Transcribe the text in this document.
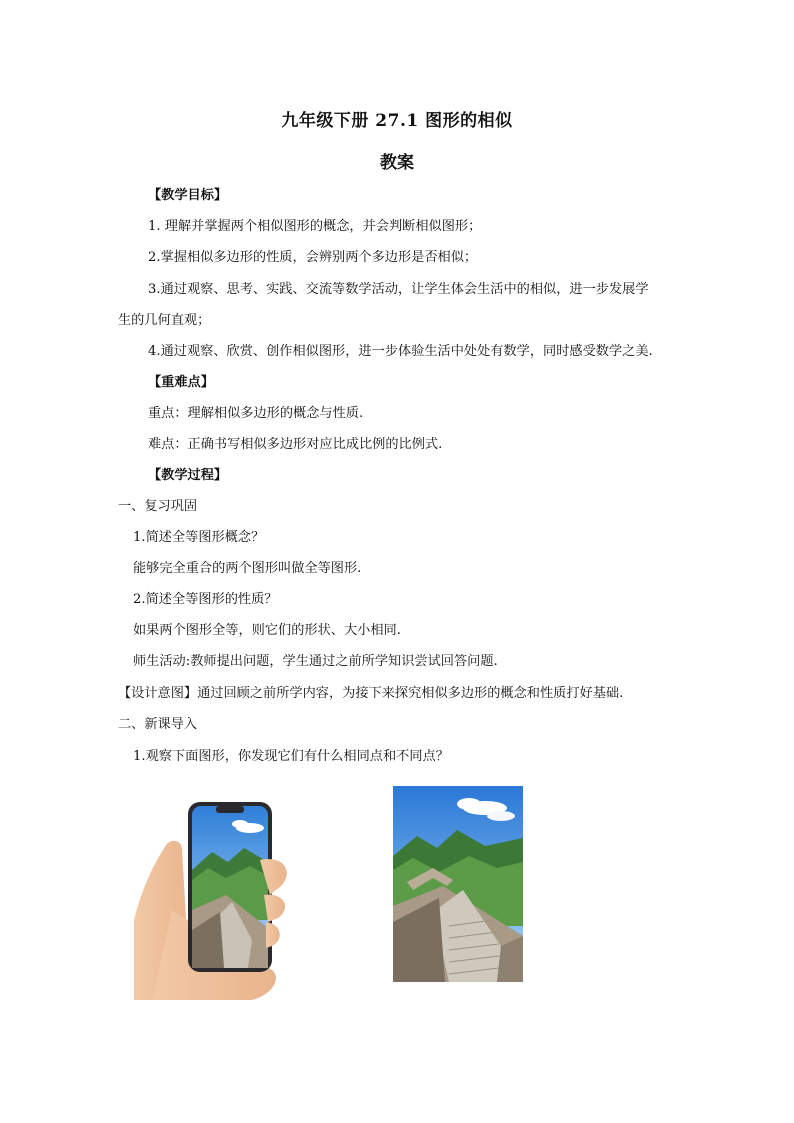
九年级下册 27.1 图形的相似
教案
【教学目标】
1. 理解并掌握两个相似图形的概念，并会判断相似图形；
2.掌握相似多边形的性质，会辨别两个多边形是否相似；
3.通过观察、思考、实践、交流等数学活动，让学生体会生活中的相似，进一步发展学
生的几何直观；
4.通过观察、欣赏、创作相似图形，进一步体验生活中处处有数学，同时感受数学之美.
【重难点】
重点：理解相似多边形的概念与性质.
难点：正确书写相似多边形对应比成比例的比例式.
【教学过程】
一、复习巩固
1.简述全等图形概念？
能够完全重合的两个图形叫做全等图形.
2.简述全等图形的性质？
如果两个图形全等，则它们的形状、大小相同.
师生活动:教师提出问题，学生通过之前所学知识尝试回答问题.
【设计意图】通过回顾之前所学内容，为接下来探究相似多边形的概念和性质打好基础.
二、新课导入
1.观察下面图形，你发现它们有什么相同点和不同点？
